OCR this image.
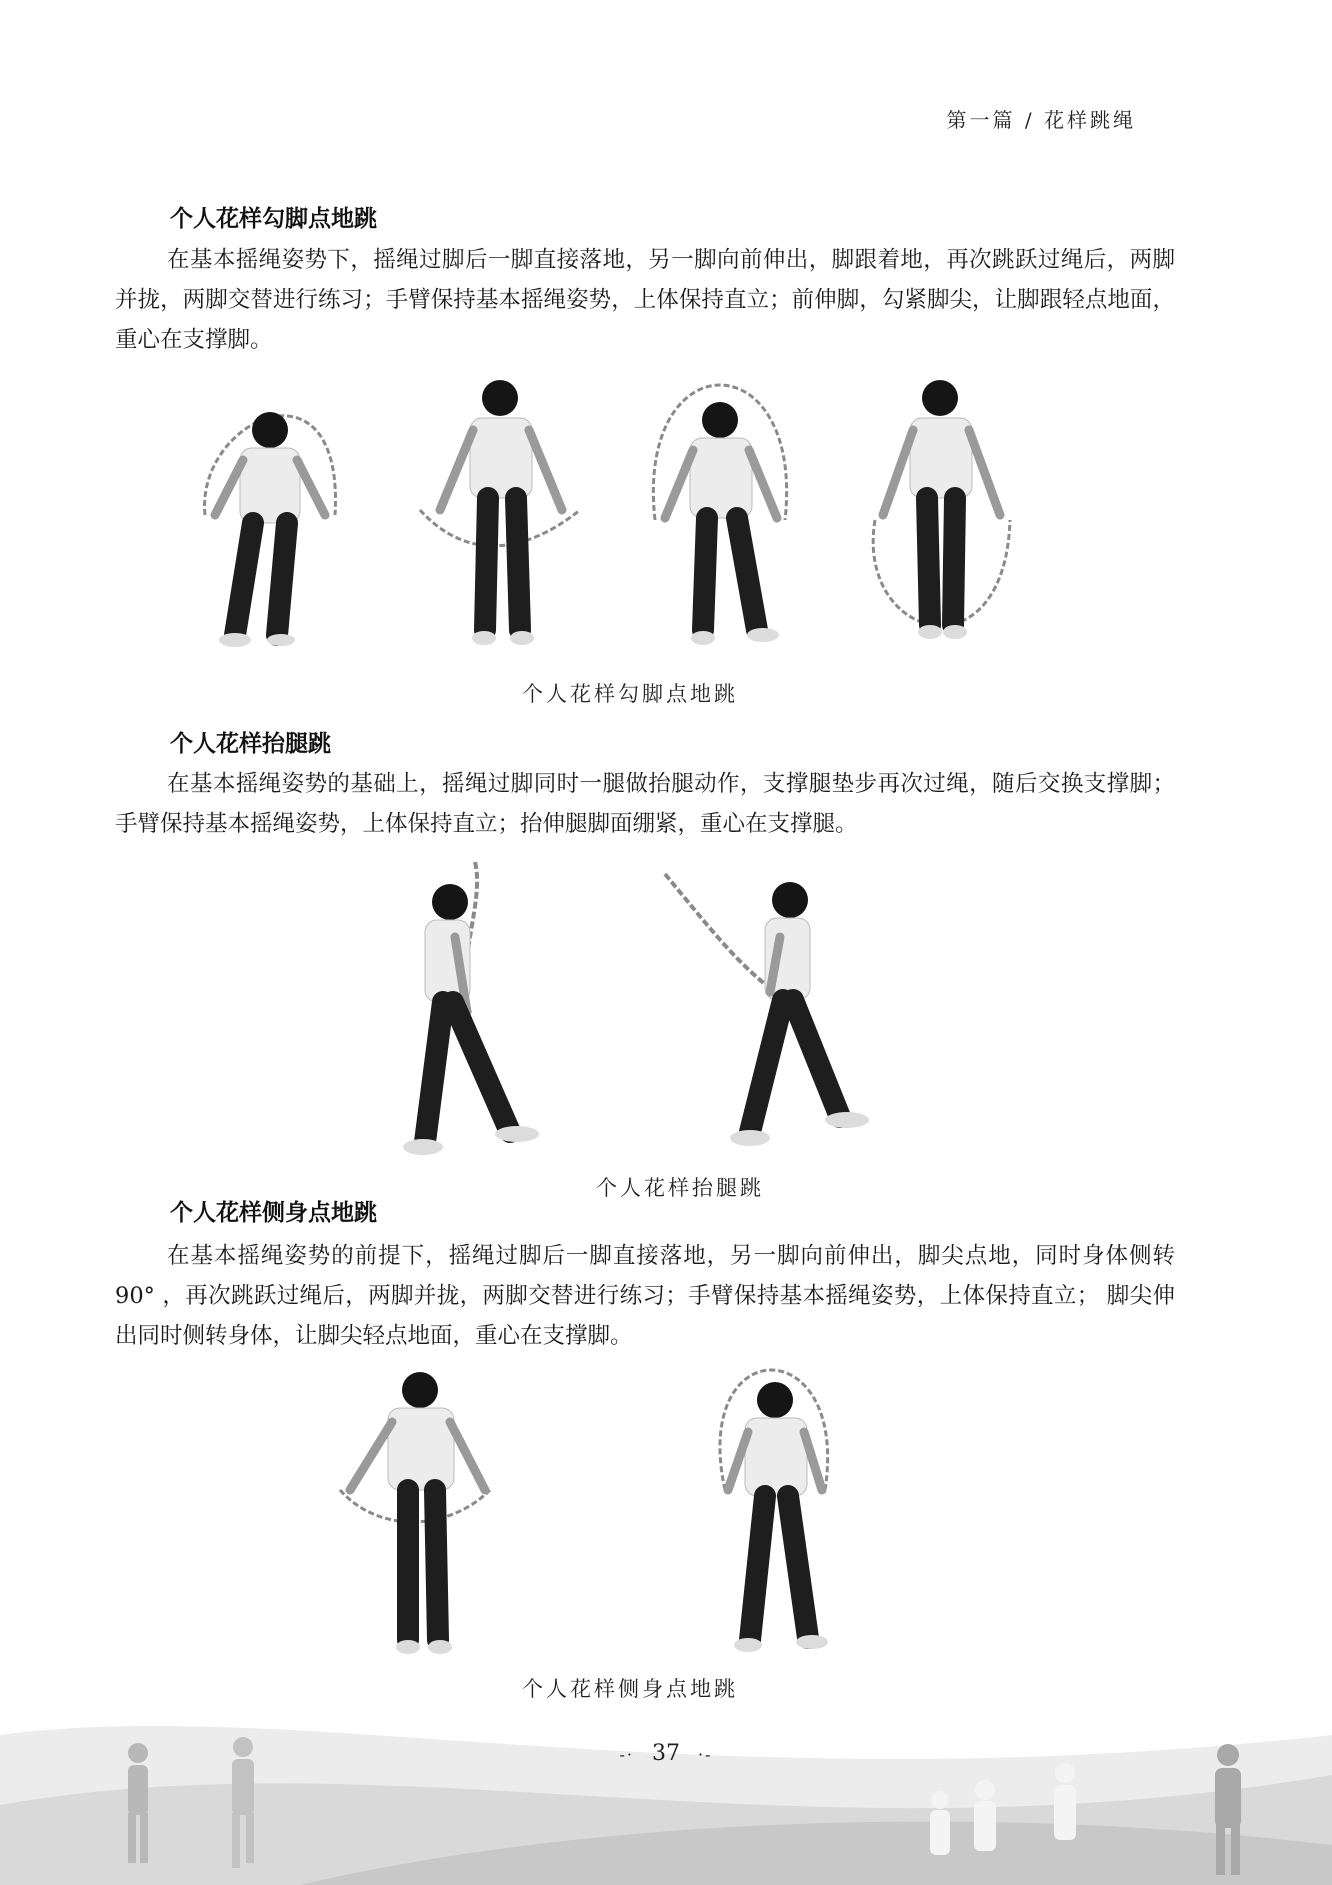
第一篇 / 花样跳绳
个人花样勾脚点地跳

在基本摇绳姿势下，摇绳过脚后一脚直接落地，另一脚向前伸出，脚跟着地，再次跳跃过绳后，两脚并拢，两脚交替进行练习；手臂保持基本摇绳姿势，上体保持直立；前伸脚，勾紧脚尖，让脚跟轻点地面，重心在支撑脚。

个人花样勾脚点地跳
个人花样抬腿跳

在基本摇绳姿势的基础上，摇绳过脚同时一腿做抬腿动作，支撑腿垫步再次过绳，随后交换支撑脚；手臂保持基本摇绳姿势，上体保持直立；抬伸腿脚面绷紧，重心在支撑腿。

个人花样抬腿跳
个人花样侧身点地跳

在基本摇绳姿势的前提下，摇绳过脚后一脚直接落地，另一脚向前伸出，脚尖点地，同时身体侧转 90° ，再次跳跃过绳后，两脚并拢，两脚交替进行练习；手臂保持基本摇绳姿势，上体保持直立； 脚尖伸出同时侧转身体，让脚尖轻点地面，重心在支撑脚。

个人花样侧身点地跳
-· 37 ·-
